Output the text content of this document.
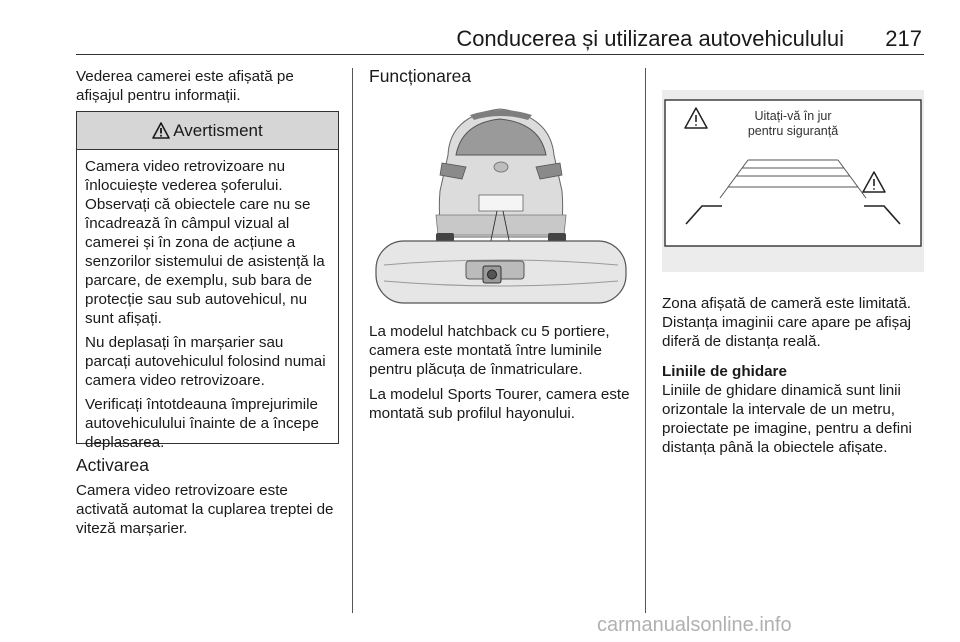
Conducerea și utilizarea autovehiculului 217

Vederea camerei este afișată pe afișajul pentru informații.

Avertisment

Camera video retrovizoare nu înlocuiește vederea șoferului. Observați că obiectele care nu se încadrează în câmpul vizual al camerei și în zona de acțiune a senzorilor sistemului de asistență la parcare, de exemplu, sub bara de protecție sau sub autovehicul, nu sunt afișați.

Nu deplasați în marșarier sau parcați autovehiculul folosind numai camera video retrovizoare.

Verificați întotdeauna împrejurimile autovehiculului înainte de a începe deplasarea.

Activarea

Camera video retrovizoare este activată automat la cuplarea treptei de viteză marșarier.

Funcționarea

La modelul hatchback cu 5 portiere, camera este montată între luminile pentru plăcuța de înmatriculare.

La modelul Sports Tourer, camera este montată sub profilul hayonului.

Uitați-vă în jur
pentru siguranță

Zona afișată de cameră este limitată. Distanța imaginii care apare pe afișaj diferă de distanța reală.

Liniile de ghidare

Liniile de ghidare dinamică sunt linii orizontale la intervale de un metru, proiectate pe imagine, pentru a defini distanța până la obiectele afișate.

carmanualsonline.info
